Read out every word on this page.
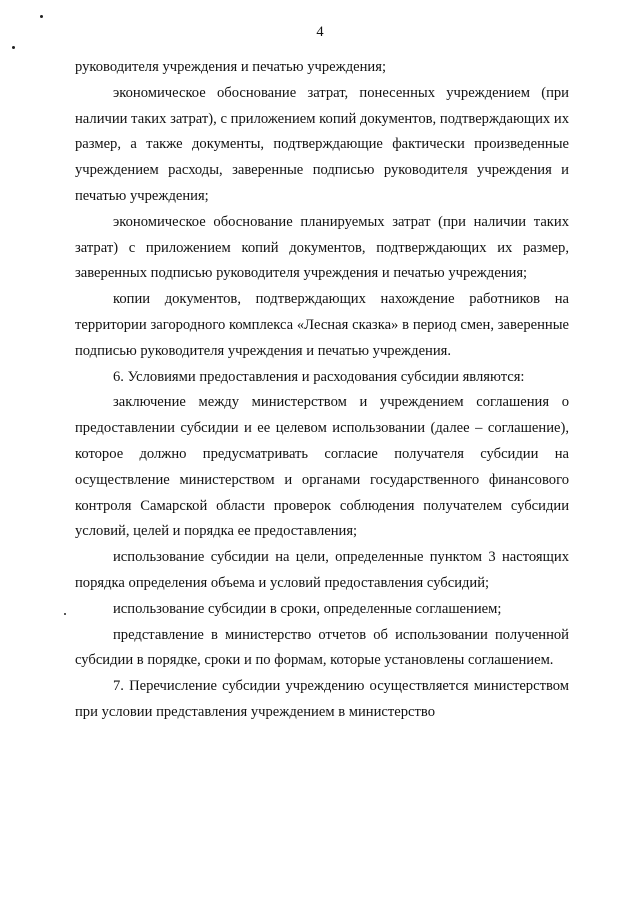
4

руководителя учреждения и печатью учреждения;

экономическое обоснование затрат, понесенных учреждением (при наличии таких затрат), с приложением копий документов, подтверждающих их размер, а также документы, подтверждающие фактически произведенные учреждением расходы, заверенные подписью руководителя учреждения и печатью учреждения;

экономическое обоснование планируемых затрат (при наличии таких затрат) с приложением копий документов, подтверждающих их размер, заверенных подписью руководителя учреждения и печатью учреждения;

копии документов, подтверждающих нахождение работников на территории загородного комплекса «Лесная сказка» в период смен, заверенные подписью руководителя учреждения и печатью учреждения.

6. Условиями предоставления и расходования субсидии являются:

заключение между министерством и учреждением соглашения о предоставлении субсидии и ее целевом использовании (далее – соглашение), которое должно предусматривать согласие получателя субсидии на осуществление министерством и органами государственного финансового контроля Самарской области проверок соблюдения получателем субсидии условий, целей и порядка ее предоставления;

использование субсидии на цели, определенные пунктом 3 настоящих порядка определения объема и условий предоставления субсидий;

использование субсидии в сроки, определенные соглашением;

представление в министерство отчетов об использовании полученной субсидии в порядке, сроки и по формам, которые установлены соглашением.

7. Перечисление субсидии учреждению осуществляется министерством при условии представления учреждением в министерство
